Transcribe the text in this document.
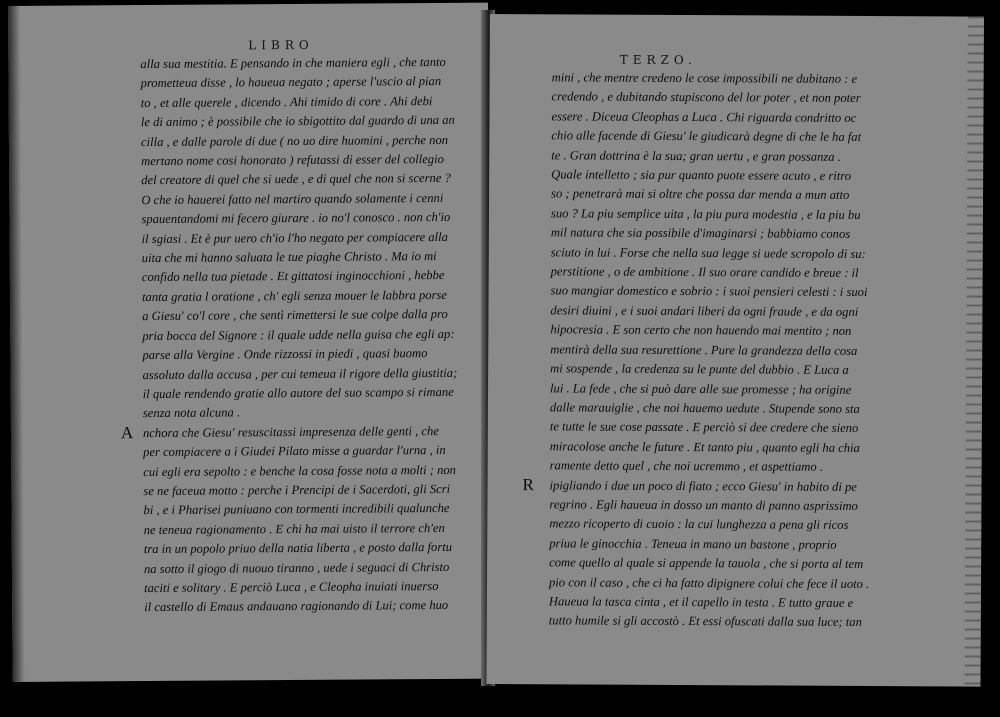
LIBRO
alla sua mestitia. E pensando in che maniera egli , che tanto
prometteua disse , lo haueua negato ; aperse l'uscio al pian
to , et alle querele , dicendo . Ahi timido di core . Ahi debi
le di animo ; è possibile che io sbigottito dal guardo di una an
cilla , e dalle parole di due ( no uo dire huomini , perche non
mertano nome cosi honorato ) refutassi di esser del collegio
del creatore di quel che si uede , e di quel che non si scerne ?
O che io hauerei fatto nel martiro quando solamente i cenni
spauentandomi mi fecero giurare . io no'l conosco . non ch'io
il sgiasi . Et è pur uero ch'io l'ho negato per compiacere alla
uita che mi hanno saluata le tue piaghe Christo . Ma io mi
confido nella tua pietade . Et gittatosi inginocchioni , hebbe
tanta gratia l oratione , ch' egli senza mouer le labbra porse
a Giesu' co'l core , che sentì rimettersi le sue colpe dalla pro
pria bocca del Signore : il quale udde nella guisa che egli ap:
parse alla Vergine . Onde rizzossi in piedi , quasi buomo
assoluto dalla accusa , per cui temeua il rigore della giustitia;
il quale rendendo gratie allo autore del suo scampo si rimane
senza nota alcuna .
A nchora che Giesu' resuscitassi impresenza delle genti , che
per compiacere a i Giudei Pilato misse a guardar l'urna , in
cui egli era sepolto : e benche la cosa fosse nota a molti ; non
se ne faceua motto : perche i Prencipi de i Sacerdoti, gli Scri
bi , e i Pharisei puniuano con tormenti incredibili qualunche
ne teneua ragionamento . E chi ha mai uisto il terrore ch'en
tra in un popolo priuo della natia liberta , e posto dalla fortu
na sotto il giogo di nuouo tiranno , uede i seguaci di Christo
taciti e solitary . E perciò Luca , e Cleopha inuiati inuerso
il castello di Emaus andauano ragionando di Lui; come huo
TERZO.
mini , che mentre credeno le cose impossibili ne dubitano : e
credendo , e dubitando stupiscono del lor poter , et non poter
essere . Diceua Cleophas a Luca . Chi riguarda condritto oc
chio alle facende di Giesu' le giudicarà degne di che le ha fat
te . Gran dottrina è la sua; gran uertu , e gran possanza .
Quale intelletto ; sia pur quanto puote essere acuto , e ritro
so ; penetrarà mai si oltre che possa dar menda a mun atto
suo ? La piu semplice uita , la piu pura modestia , e la piu bu
mil natura che sia possibile d'imaginarsi ; babbiamo conos
sciuto in lui . Forse che nella sua legge si uede scropolo di su:
perstitione , o de ambitione . Il suo orare candido e breue : il
suo mangiar domestico e sobrio : i suoi pensieri celesti : i suoi
desiri diuini , e i suoi andari liberi da ogni fraude , e da ogni
hipocresia . E son certo che non hauendo mai mentito ; non
mentirà della sua resurettione . Pure la grandezza della cosa
mi sospende , la credenza su le punte del dubbio . E Luca a
lui . La fede , che si può dare alle sue promesse ; ha origine
dalle marauiglie , che noi hauemo uedute . Stupende sono sta
te tutte le sue cose passate . E perciò si dee credere che sieno
miracolose anche le future . Et tanto piu , quanto egli ha chia
ramente detto quel , che noi ucremmo , et aspettiamo .
R ipigliando i due un poco di fiato ; ecco Giesu' in habito di pe
regrino . Egli haueua in dosso un manto di panno asprissimo
mezzo ricoperto di cuoio : la cui lunghezza a pena gli ricos
priua le ginocchia . Teneua in mano un bastone , proprio
come quello al quale si appende la tauola , che si porta al tem
pio con il caso , che ci ha fatto dipignere colui che fece il uoto .
Haueua la tasca cinta , et il capello in testa . E tutto graue e
tutto humile si gli accostò . Et essi ofuscati dalla sua luce; tan
